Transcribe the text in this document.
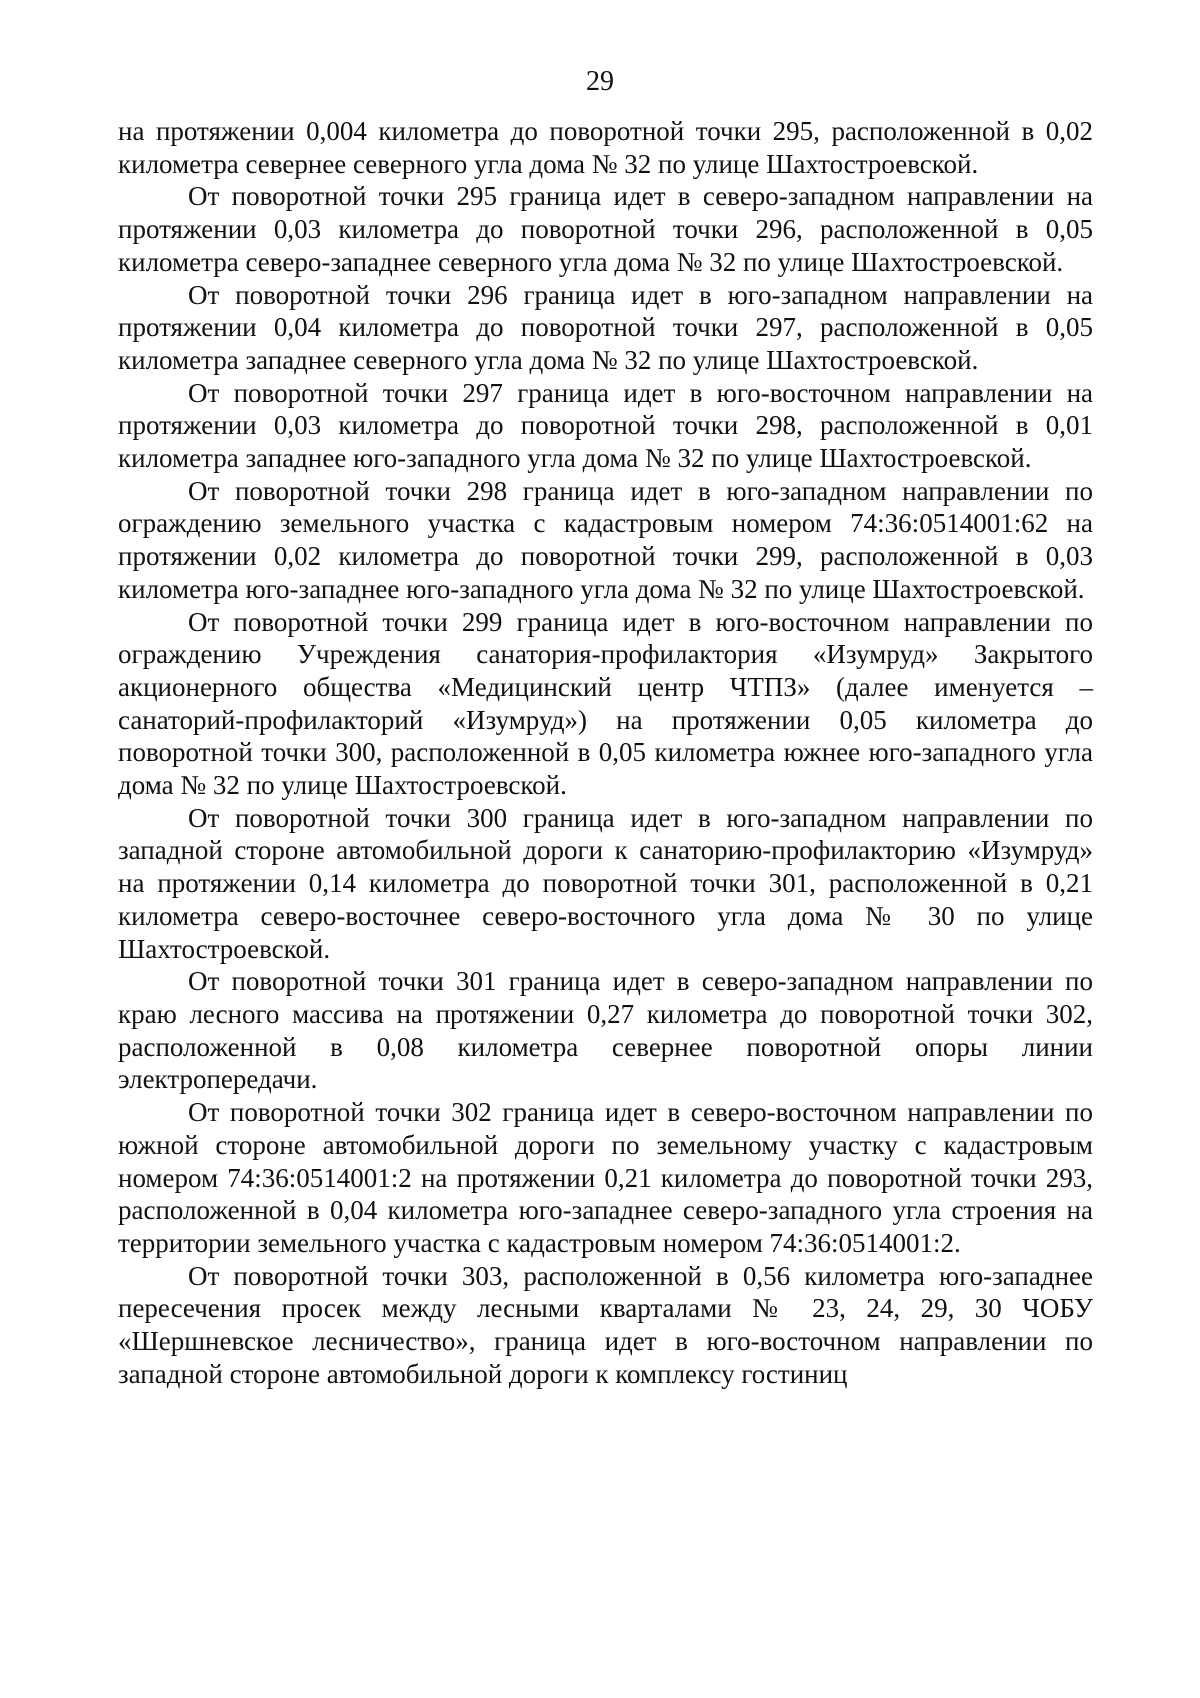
29

на протяжении 0,004 километра до поворотной точки 295, расположенной в 0,02 километра севернее северного угла дома № 32 по улице Шахтостроевской.

От поворотной точки 295 граница идет в северо-западном направлении на протяжении 0,03 километра до поворотной точки 296, расположенной в 0,05 километра северо-западнее северного угла дома № 32 по улице Шахтостроевской.

От поворотной точки 296 граница идет в юго-западном направлении на протяжении 0,04 километра до поворотной точки 297, расположенной в 0,05 километра западнее северного угла дома № 32 по улице Шахтостроевской.

От поворотной точки 297 граница идет в юго-восточном направлении на протяжении 0,03 километра до поворотной точки 298, расположенной в 0,01 километра западнее юго-западного угла дома № 32 по улице Шахтостроевской.

От поворотной точки 298 граница идет в юго-западном направлении по ограждению земельного участка с кадастровым номером 74:36:0514001:62 на протяжении 0,02 километра до поворотной точки 299, расположенной в 0,03 километра юго-западнее юго-западного угла дома № 32 по улице Шахтостроевской.

От поворотной точки 299 граница идет в юго-восточном направлении по ограждению Учреждения санатория-профилактория «Изумруд» Закрытого акционерного общества «Медицинский центр ЧТПЗ» (далее именуется – санаторий-профилакторий «Изумруд») на протяжении 0,05 километра до поворотной точки 300, расположенной в 0,05 километра южнее юго-западного угла дома № 32 по улице Шахтостроевской.

От поворотной точки 300 граница идет в юго-западном направлении по западной стороне автомобильной дороги к санаторию-профилакторию «Изумруд» на протяжении 0,14 километра до поворотной точки 301, расположенной в 0,21 километра северо-восточнее северо-восточного угла дома № 30 по улице Шахтостроевской.

От поворотной точки 301 граница идет в северо-западном направлении по краю лесного массива на протяжении 0,27 километра до поворотной точки 302, расположенной в 0,08 километра севернее поворотной опоры линии электропередачи.

От поворотной точки 302 граница идет в северо-восточном направлении по южной стороне автомобильной дороги по земельному участку с кадастровым номером 74:36:0514001:2 на протяжении 0,21 километра до поворотной точки 293, расположенной в 0,04 километра юго-западнее северо-западного угла строения на территории земельного участка с кадастровым номером 74:36:0514001:2.

От поворотной точки 303, расположенной в 0,56 километра юго-западнее пересечения просек между лесными кварталами № 23, 24, 29, 30 ЧОБУ «Шершневское лесничество», граница идет в юго-восточном направлении по западной стороне автомобильной дороги к комплексу гостиниц
